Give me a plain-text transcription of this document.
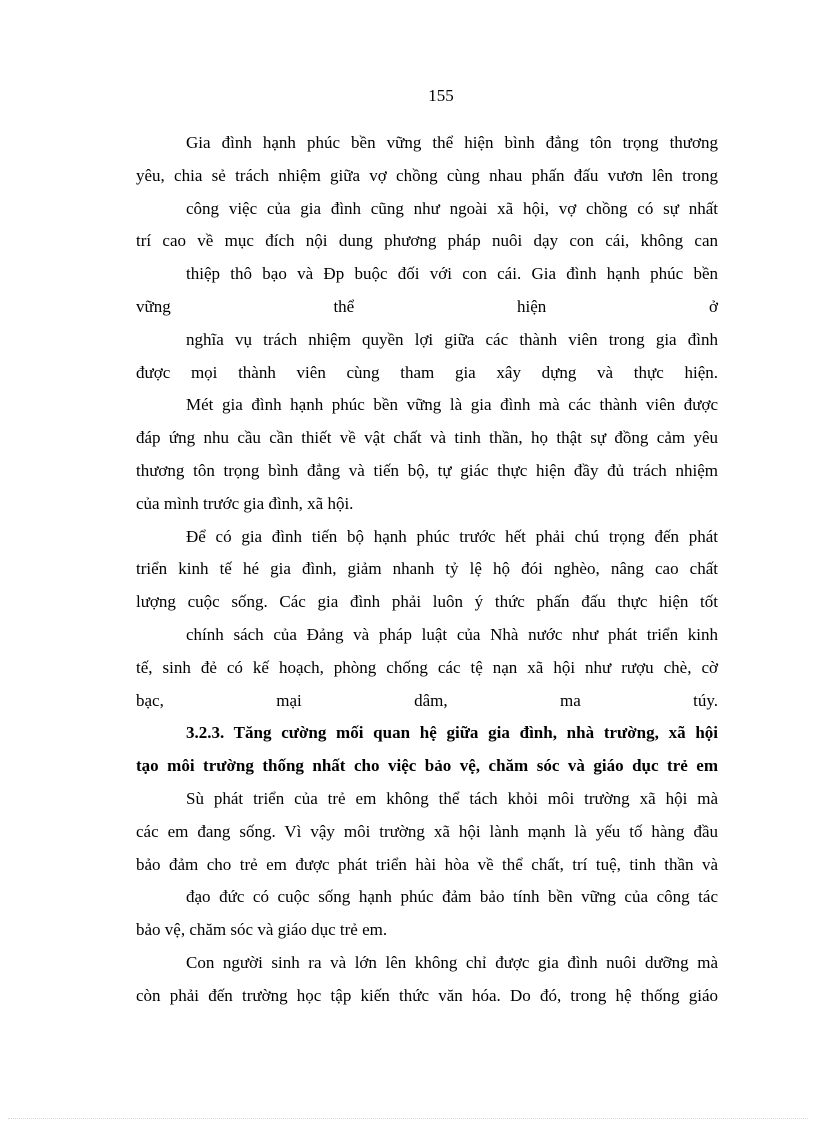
155
Gia đình hạnh phúc bền vững thể hiện bình đẳng tôn trọng thương
yêu, chia sẻ trách nhiệm giữa vợ chồng cùng nhau phấn đấu vươn lên trong
công việc của gia đình cũng như ngoài xã hội, vợ chồng có sự nhất
trí cao về mục đích nội dung phương pháp nuôi dạy con cái, không can
thiệp thô bạo và Đp buộc đối với con cái. Gia đình hạnh phúc bền
vững thể hiện ở
nghĩa vụ trách nhiệm quyền lợi giữa các thành viên trong gia đình
được mọi thành viên cùng tham gia xây dựng và thực hiện.
Mét gia đình hạnh phúc bền vững là gia đình mà các thành viên được
đáp ứng nhu cầu cần thiết về vật chất và tinh thần, họ thật sự đồng cảm yêu
thương tôn trọng bình đẳng và tiến bộ, tự giác thực hiện đầy đủ trách nhiệm
của mình trước gia đình, xã hội.
Để có gia đình tiến bộ hạnh phúc trước hết phải chú trọng đến phát
triển kinh tế hé gia đình, giảm nhanh tỷ lệ hộ đói nghèo, nâng cao chất
lượng cuộc sống. Các gia đình phải luôn ý thức phấn đấu thực hiện tốt
chính sách của Đảng và pháp luật của Nhà nước như phát triển kinh
tế, sinh đẻ có kế hoạch, phòng chống các tệ nạn xã hội như rượu chè, cờ
bạc, mại dâm, ma túy.
3.2.3. Tăng cường mối quan hệ giữa gia đình, nhà trường, xã hội
tạo môi trường thống nhất cho việc bảo vệ, chăm sóc và giáo dục trẻ em
Sù phát triển của trẻ em không thể tách khỏi môi trường xã hội mà
các em đang sống. Vì vậy môi trường xã hội lành mạnh là yếu tố hàng đầu
bảo đảm cho trẻ em được phát triển hài hòa về thể chất, trí tuệ, tinh thần và
đạo đức có cuộc sống hạnh phúc đảm bảo tính bền vững của công tác
bảo vệ, chăm sóc và giáo dục trẻ em.
Con người sinh ra và lớn lên không chỉ được gia đình nuôi dưỡng mà
còn phải đến trường học tập kiến thức văn hóa. Do đó, trong hệ thống giáo
